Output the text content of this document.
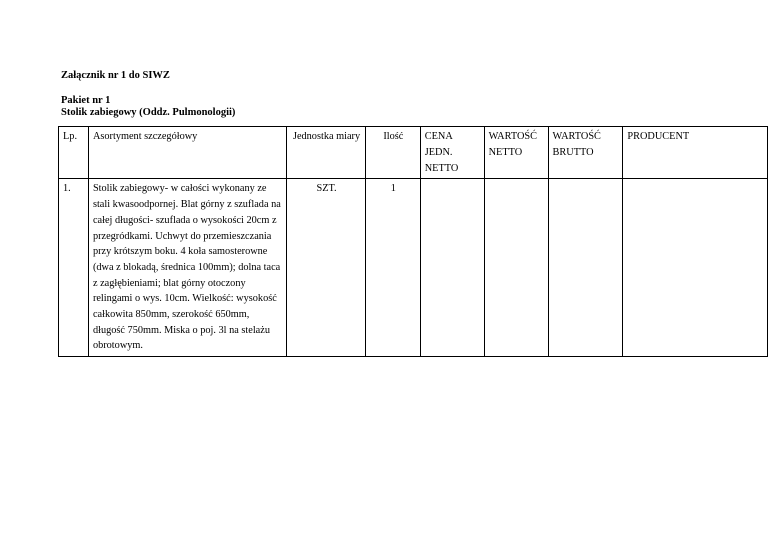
Załącznik nr 1 do SIWZ
Pakiet nr 1
Stolik zabiegowy (Oddz. Pulmonologii)
Lp.	Asortyment szczegółowy	Jednostka miary	Ilość	CENA JEDN. NETTO	WARTOŚĆ NETTO	WARTOŚĆ BRUTTO	PRODUCENT
1.	Stolik zabiegowy- w całości wykonany ze stali kwasoodpornej. Blat górny z szuflada na całej długości- szuflada o wysokości 20cm z przegródkami. Uchwyt do przemieszczania przy krótszym boku. 4 koła samosterowne (dwa z blokadą, średnica 100mm); dolna taca z zagłębieniami; blat górny otoczony relingami o wys. 10cm. Wielkość: wysokość całkowita 850mm, szerokość 650mm, długość 750mm. Miska o poj. 3l na stelażu obrotowym.	SZT.	1				
